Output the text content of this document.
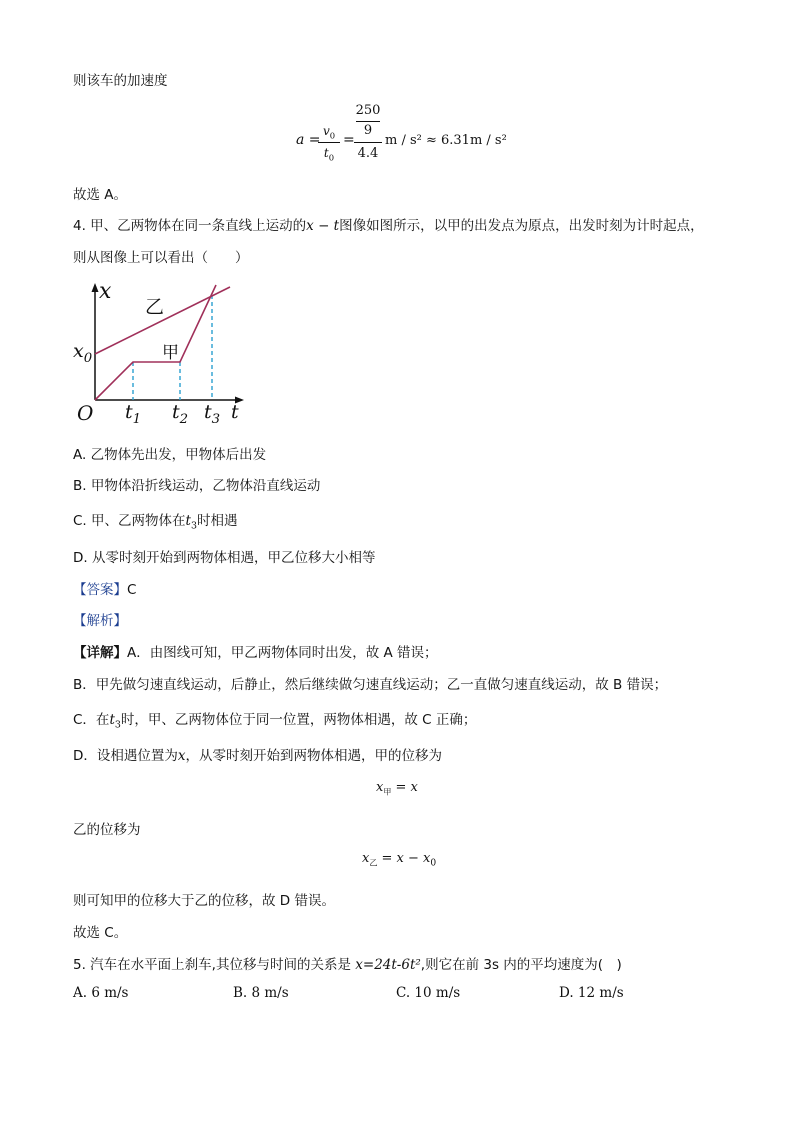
则该车的加速度
a =
$v_0$
$t_0$
=
250
9
4.4
m / s² ≈ 6.31m / s²
故选 A。
4. 甲、乙两物体在同一条直线上运动的x − t图像如图所示，以甲的出发点为原点，出发时刻为计时起点，
则从图像上可以看出（　　）
x
乙
甲
$x_0$
O $t_1$ $t_2$ $t_3$ t
A. 乙物体先出发，甲物体后出发
B. 甲物体沿折线运动，乙物体沿直线运动
C. 甲、乙两物体在$t_3$时相遇
D. 从零时刻开始到两物体相遇，甲乙位移大小相等
【答案】C
【解析】
【详解】A．由图线可知，甲乙两物体同时出发，故 A 错误；
B．甲先做匀速直线运动，后静止，然后继续做匀速直线运动；乙一直做匀速直线运动，故 B 错误；
C．在$t_3$时，甲、乙两物体位于同一位置，两物体相遇，故 C 正确；
D．设相遇位置为x，从零时刻开始到两物体相遇，甲的位移为
$x_甲 = x$
乙的位移为
$x_乙 = x - x_0$
则可知甲的位移大于乙的位移，故 D 错误。
故选 C。
5. 汽车在水平面上刹车,其位移与时间的关系是 x=24t-6t²,则它在前 3s 内的平均速度为(　)
A. 6 m/s	B. 8 m/s	C. 10 m/s	D. 12 m/s
